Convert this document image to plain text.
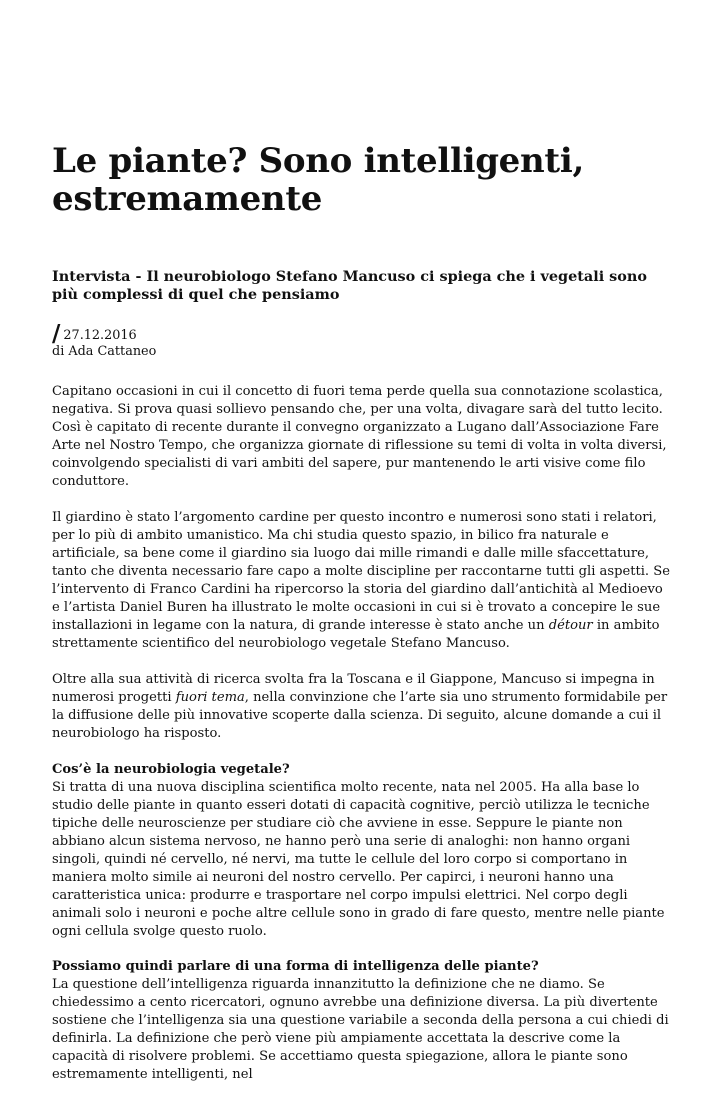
Le piante? Sono intelligenti, estremamente
Intervista - Il neurobiologo Stefano Mancuso ci spiega che i vegetali sono più complessi di quel che pensiamo
/ 27.12.2016
di Ada Cattaneo

Capitano occasioni in cui il concetto di fuori tema perde quella sua connotazione scolastica, negativa. Si prova quasi sollievo pensando che, per una volta, divagare sarà del tutto lecito. Così è capitato di recente durante il convegno organizzato a Lugano dall’Associazione Fare Arte nel Nostro Tempo, che organizza giornate di riflessione su temi di volta in volta diversi, coinvolgendo specialisti di vari ambiti del sapere, pur mantenendo le arti visive come filo conduttore.

Il giardino è stato l’argomento cardine per questo incontro e numerosi sono stati i relatori, per lo più di ambito umanistico. Ma chi studia questo spazio, in bilico fra naturale e artificiale, sa bene come il giardino sia luogo dai mille rimandi e dalle mille sfaccettature, tanto che diventa necessario fare capo a molte discipline per raccontarne tutti gli aspetti. Se l’intervento di Franco Cardini ha ripercorso la storia del giardino dall’antichità al Medioevo e l’artista Daniel Buren ha illustrato le molte occasioni in cui si è trovato a concepire le sue installazioni in legame con la natura, di grande interesse è stato anche un détour in ambito strettamente scientifico del neurobiologo vegetale Stefano Mancuso.

Oltre alla sua attività di ricerca svolta fra la Toscana e il Giappone, Mancuso si impegna in numerosi progetti fuori tema, nella convinzione che l’arte sia uno strumento formidabile per la diffusione delle più innovative scoperte dalla scienza. Di seguito, alcune domande a cui il neurobiologo ha risposto.

Cos’è la neurobiologia vegetale?
Si tratta di una nuova disciplina scientifica molto recente, nata nel 2005. Ha alla base lo studio delle piante in quanto esseri dotati di capacità cognitive, perciò utilizza le tecniche tipiche delle neuroscienze per studiare ciò che avviene in esse. Seppure le piante non abbiano alcun sistema nervoso, ne hanno però una serie di analoghi: non hanno organi singoli, quindi né cervello, né nervi, ma tutte le cellule del loro corpo si comportano in maniera molto simile ai neuroni del nostro cervello. Per capirci, i neuroni hanno una caratteristica unica: produrre e trasportare nel corpo impulsi elettrici. Nel corpo degli animali solo i neuroni e poche altre cellule sono in grado di fare questo, mentre nelle piante ogni cellula svolge questo ruolo.
Possiamo quindi parlare di una forma di intelligenza delle piante?
La questione dell’intelligenza riguarda innanzitutto la definizione che ne diamo. Se chiedessimo a cento ricercatori, ognuno avrebbe una definizione diversa. La più divertente sostiene che l’intelligenza sia una questione variabile a seconda della persona a cui chiedi di definirla. La definizione che però viene più ampiamente accettata la descrive come la capacità di risolvere problemi. Se accettiamo questa spiegazione, allora le piante sono estremamente intelligenti, nel
